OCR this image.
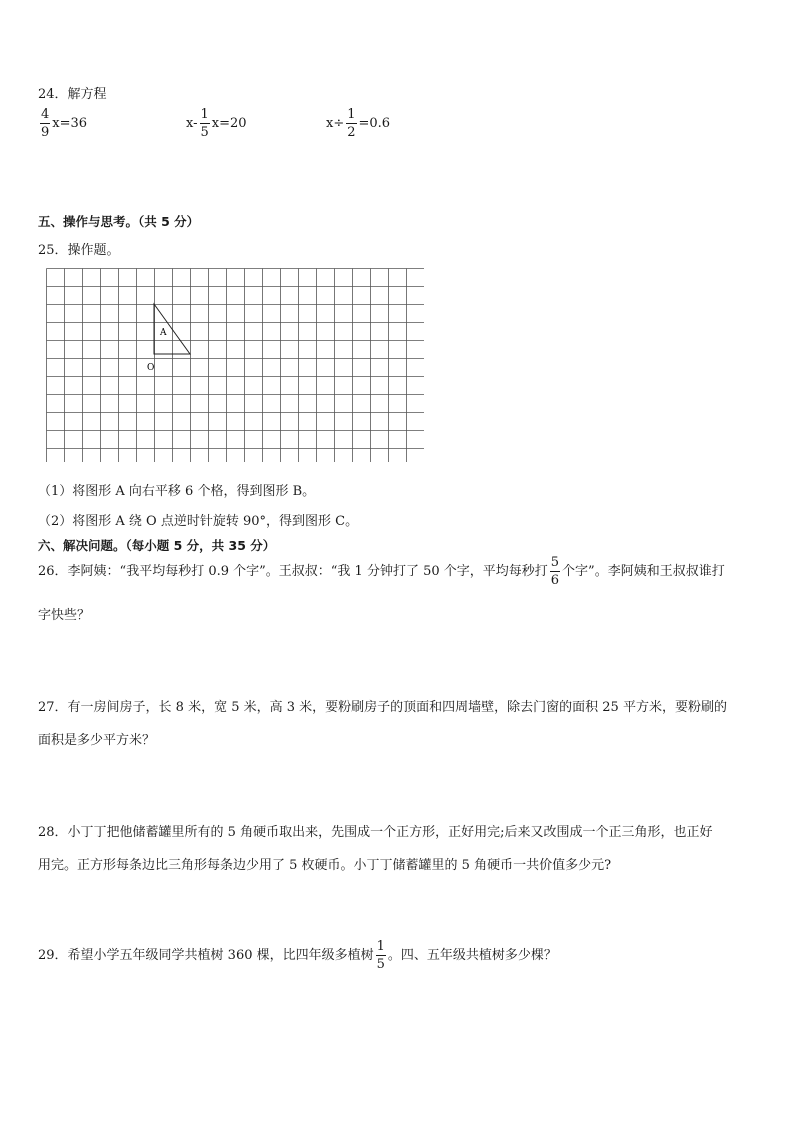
24．解方程
$\frac{4}{9} x=36$	$x- \frac{1}{5} x=20$	$x\div \frac{1}{2} =0.6$
五、操作与思考。（共 5 分）
25．操作题。
A
O
（1）将图形 A 向右平移 6 个格，得到图形 B。
（2）将图形 A 绕 O 点逆时针旋转 90°，得到图形 C。
六、解决问题。（每小题 5 分，共 35 分）
26．李阿姨：“我平均每秒打 0.9 个字”。王叔叔：“我 1 分钟打了 50 个字，平均每秒打 $\frac{5}{6}$ 个字”。李阿姨和王叔叔谁打
字快些？
27．有一房间房子，长 8 米，宽 5 米，高 3 米，要粉刷房子的顶面和四周墙壁，除去门窗的面积 25 平方米，要粉刷的
面积是多少平方米？
28．小丁丁把他储蓄罐里所有的 5 角硬币取出来，先围成一个正方形，正好用完;后来又改围成一个正三角形，也正好
用完。正方形每条边比三角形每条边少用了 5 枚硬币。小丁丁储蓄罐里的 5 角硬币一共价值多少元?
29．希望小学五年级同学共植树 360 棵，比四年级多植树 $\frac{1}{5}$ 。四、五年级共植树多少棵？
